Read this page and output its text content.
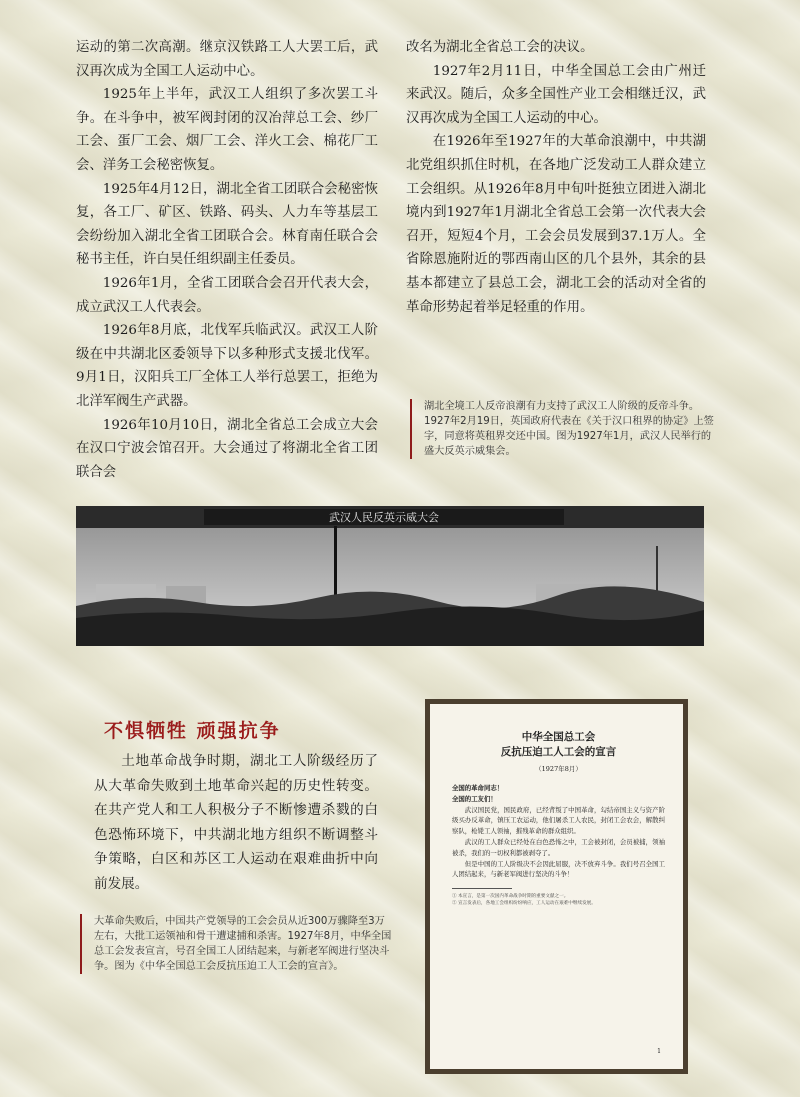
运动的第二次高潮。继京汉铁路工人大罢工后，武汉再次成为全国工人运动中心。

1925年上半年，武汉工人组织了多次罢工斗争。在斗争中，被军阀封闭的汉冶萍总工会、纱厂工会、蛋厂工会、烟厂工会、洋火工会、棉花厂工会、洋务工会秘密恢复。

1925年4月12日，湖北全省工团联合会秘密恢复，各工厂、矿区、铁路、码头、人力车等基层工会纷纷加入湖北全省工团联合会。林育南任联合会秘书主任，许白昊任组织副主任委员。

1926年1月，全省工团联合会召开代表大会，成立武汉工人代表会。

1926年8月底，北伐军兵临武汉。武汉工人阶级在中共湖北区委领导下以多种形式支援北伐军。9月1日，汉阳兵工厂全体工人举行总罢工，拒绝为北洋军阀生产武器。

1926年10月10日，湖北全省总工会成立大会在汉口宁波会馆召开。大会通过了将湖北全省工团联合会

改名为湖北全省总工会的决议。

1927年2月11日，中华全国总工会由广州迁来武汉。随后，众多全国性产业工会相继迁汉，武汉再次成为全国工人运动的中心。

在1926年至1927年的大革命浪潮中，中共湖北党组织抓住时机，在各地广泛发动工人群众建立工会组织。从1926年8月中旬叶挺独立团进入湖北境内到1927年1月湖北全省总工会第一次代表大会召开，短短4个月，工会会员发展到37.1万人。全省除恩施附近的鄂西南山区的几个县外，其余的县基本都建立了县总工会，湖北工会的活动对全省的革命形势起着举足轻重的作用。

湖北全境工人反帝浪潮有力支持了武汉工人阶级的反帝斗争。1927年2月19日，英国政府代表在《关于汉口租界的协定》上签字，同意将英租界交还中国。图为1927年1月，武汉人民举行的盛大反英示威集会。
武汉人民反英示威大会
不惧牺牲 顽强抗争

土地革命战争时期，湖北工人阶级经历了从大革命失败到土地革命兴起的历史性转变。在共产党人和工人积极分子不断惨遭杀戮的白色恐怖环境下，中共湖北地方组织不断调整斗争策略，白区和苏区工人运动在艰难曲折中向前发展。

大革命失败后，中国共产党领导的工会会员从近300万骤降至3万左右，大批工运领袖和骨干遭逮捕和杀害。1927年8月，中华全国总工会发表宣言，号召全国工人团结起来，与新老军阀进行坚决斗争。图为《中华全国总工会反抗压迫工人工会的宣言》。
中华全国总工会
反抗压迫工人工会的宣言
（1927年8月）
全国的革命同志！
全国的工友们！
武汉国民党，国民政府，已经背叛了中国革命，勾结帝国主义与资产阶级买办反革命，镇压工农运动，他们屠杀工人农民，封闭工会农会，解散纠察队，枪毙工人领袖，摧残革命的群众组织。
武汉的工人群众已经处在白色恐怖之中，工会被封闭，会员被捕，领袖被杀，我们的一切权利都被剥夺了。
但是中国的工人阶级决不会因此屈服，决不放弃斗争。我们号召全国工人团结起来，与新老军阀进行坚决的斗争！
① 本宣言，是第一次国内革命战争时期的重要文献之一。
② 宣言发表后，各地工会组织纷纷响应，工人运动在艰难中继续发展。
1
